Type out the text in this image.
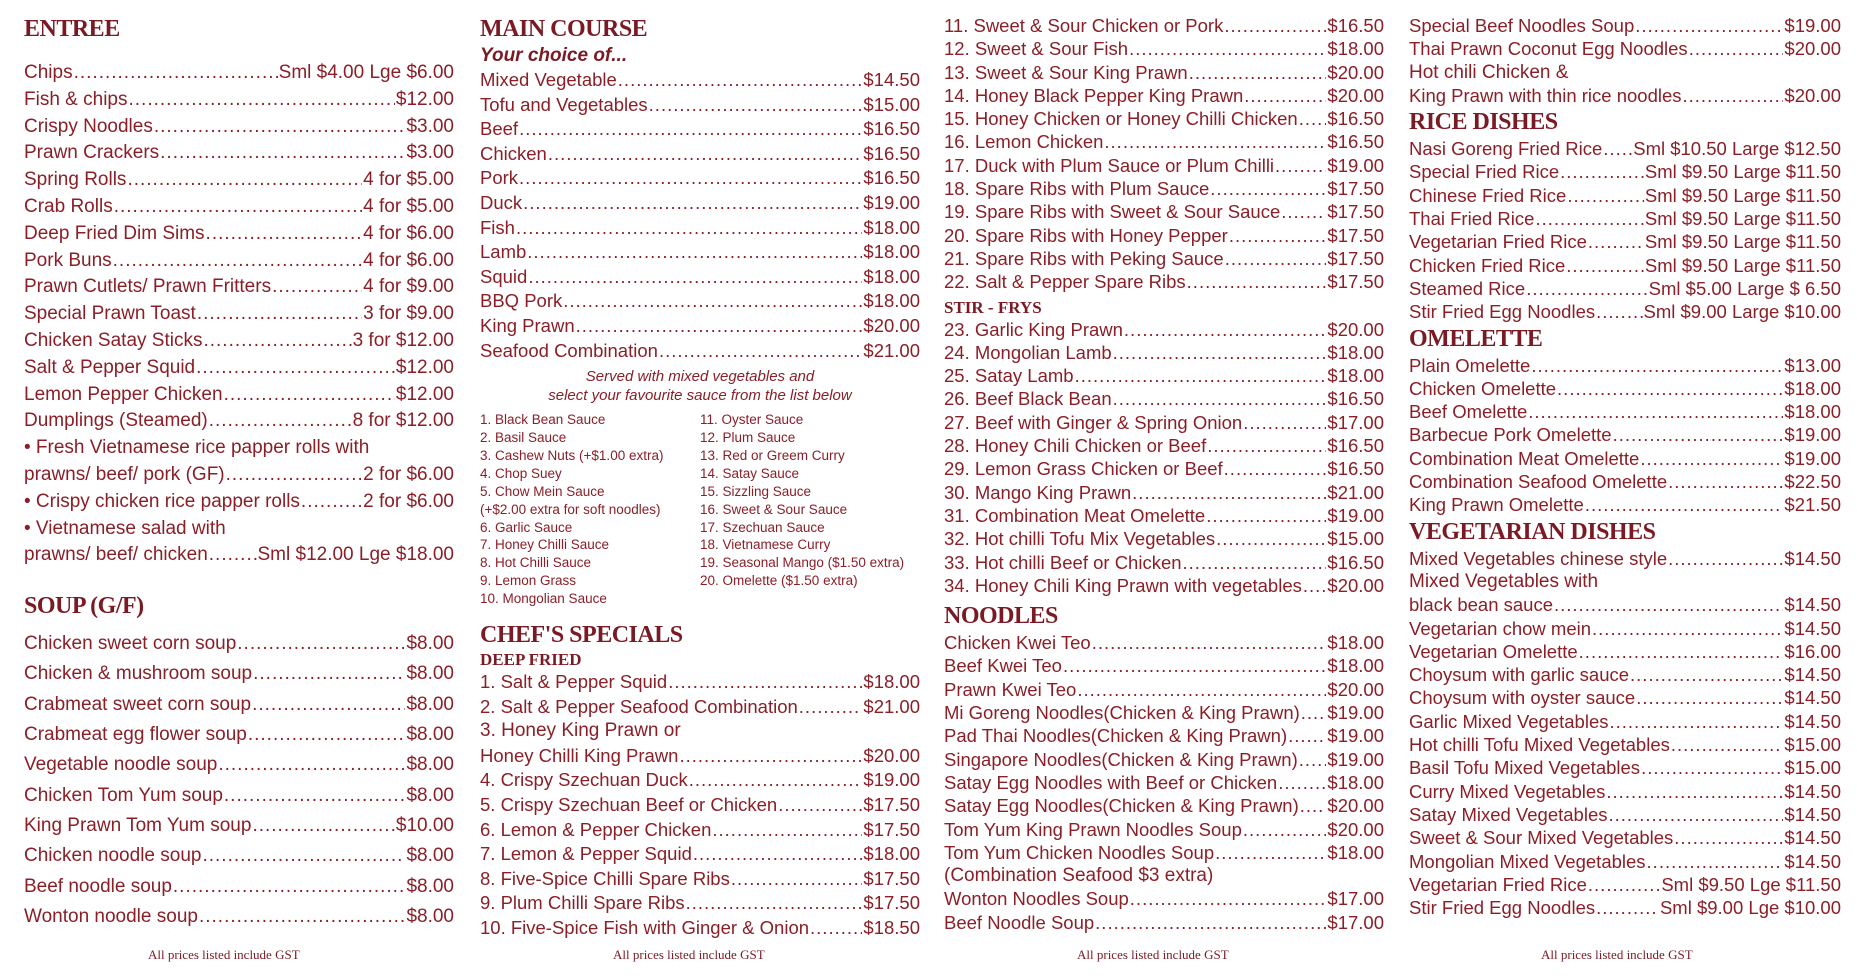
ENTREE
Chips .....	Sml $4.00 Lge $6.00
Fish & chips .....	$12.00
Crispy Noodles .....	$3.00
Prawn Crackers .....	$3.00
Spring Rolls .....	4 for $5.00
Crab Rolls .....	4 for $5.00
Deep Fried Dim Sims .....	4 for $6.00
Pork Buns .....	4 for $6.00
Prawn Cutlets/ Prawn Fritters .....	4 for $9.00
Special Prawn Toast .....	3 for $9.00
Chicken Satay Sticks .....	3 for $12.00
Salt & Pepper Squid .....	$12.00
Lemon Pepper Chicken .....	$12.00
Dumplings (Steamed) .....	8 for $12.00
• Fresh Vietnamese rice papper rolls with
prawns/ beef/ pork (GF) .....	2 for $6.00
• Crispy chicken rice papper rolls .....	2 for $6.00
• Vietnamese salad with
prawns/ beef/ chicken .....	Sml $12.00 Lge $18.00
SOUP (G/F)
Chicken sweet corn soup .....	$8.00
Chicken & mushroom soup .....	$8.00
Crabmeat sweet corn soup .....	$8.00
Crabmeat egg flower soup .....	$8.00
Vegetable noodle soup .....	$8.00
Chicken Tom Yum soup .....	$8.00
King Prawn Tom Yum soup .....	$10.00
Chicken noodle soup .....	$8.00
Beef noodle soup .....	$8.00
Wonton noodle soup .....	$8.00
All prices listed include GST
MAIN COURSE
Your choice of...
Mixed Vegetable .....	$14.50
Tofu and Vegetables .....	$15.00
Beef .....	$16.50
Chicken .....	$16.50
Pork .....	$16.50
Duck .....	$19.00
Fish .....	$18.00
Lamb .....	$18.00
Squid .....	$18.00
BBQ Pork .....	$18.00
King Prawn .....	$20.00
Seafood Combination .....	$21.00
Served with mixed vegetables and
select your favourite sauce from the list below
1. Black Bean Sauce
2. Basil Sauce
3. Cashew Nuts (+$1.00 extra)
4. Chop Suey
5. Chow Mein Sauce
(+$2.00 extra for soft noodles)
6. Garlic Sauce
7. Honey Chilli Sauce
8. Hot Chilli Sauce
9. Lemon Grass
10. Mongolian Sauce
11. Oyster Sauce
12. Plum Sauce
13. Red or Greem Curry
14. Satay Sauce
15. Sizzling Sauce
16. Sweet & Sour Sauce
17. Szechuan Sauce
18. Vietnamese Curry
19. Seasonal Mango ($1.50 extra)
20. Omelette ($1.50 extra)
CHEF'S SPECIALS
DEEP FRIED
1. Salt & Pepper Squid .....	$18.00
2. Salt & Pepper Seafood Combination .....	$21.00
3. Honey King Prawn or
Honey Chilli King Prawn .....	$20.00
4. Crispy Szechuan Duck .....	$19.00
5. Crispy Szechuan Beef or Chicken .....	$17.50
6. Lemon & Pepper Chicken .....	$17.50
7. Lemon & Pepper Squid .....	$18.00
8. Five-Spice Chilli Spare Ribs .....	$17.50
9. Plum Chilli Spare Ribs .....	$17.50
10. Five-Spice Fish with Ginger & Onion .....	$18.50
All prices listed include GST
11. Sweet & Sour Chicken or Pork .....	$16.50
12. Sweet & Sour Fish .....	$18.00
13. Sweet & Sour King Prawn .....	$20.00
14. Honey Black Pepper King Prawn .....	$20.00
15. Honey Chicken or Honey Chilli Chicken ..... $16.50
16. Lemon Chicken .....	$16.50
17. Duck with Plum Sauce or Plum Chilli .....	$19.00
18. Spare Ribs with Plum Sauce .....	$17.50
19. Spare Ribs with Sweet & Sour Sauce .....	$17.50
20. Spare Ribs with Honey Pepper .....	$17.50
21. Spare Ribs with Peking Sauce .....	$17.50
22. Salt & Pepper Spare Ribs .....	$17.50
STIR - FRYS
23. Garlic King Prawn .....	$20.00
24. Mongolian Lamb .....	$18.00
25. Satay Lamb .....	$18.00
26. Beef Black Bean .....	$16.50
27. Beef with Ginger & Spring Onion .....	$17.00
28. Honey Chili Chicken or Beef .....	$16.50
29. Lemon Grass Chicken or Beef .....	$16.50
30. Mango King Prawn .....	$21.00
31. Combination Meat Omelette .....	$19.00
32. Hot chilli Tofu Mix Vegetables .....	$15.00
33. Hot chilli Beef or Chicken .....	$16.50
34. Honey Chili King Prawn with vegetables ..... $20.00
NOODLES
Chicken Kwei Teo .....	$18.00
Beef Kwei Teo .....	$18.00
Prawn Kwei Teo .....	$20.00
Mi Goreng Noodles(Chicken & King Prawn) ..... $19.00
Pad Thai Noodles(Chicken & King Prawn) ..... $19.00
Singapore Noodles(Chicken & King Prawn) ..... $19.00
Satay Egg Noodles with Beef or Chicken .....	$18.00
Satay Egg Noodles(Chicken & King Prawn) ..... $20.00
Tom Yum King Prawn Noodles Soup .....	$20.00
Tom Yum Chicken Noodles Soup .....	$18.00
(Combination Seafood $3 extra)
Wonton Noodles Soup .....	$17.00
Beef Noodle Soup .....	$17.00
All prices listed include GST
Special Beef Noodles Soup .....	$19.00
Thai Prawn Coconut Egg Noodles .....	$20.00
Hot chili Chicken &
King Prawn with thin rice noodles .....	$20.00
RICE DISHES
Nasi Goreng Fried Rice ..... Sml $10.50 Large $12.50
Special Fried Rice .....	Sml $9.50 Large $11.50
Chinese Fried Rice .....	Sml $9.50 Large $11.50
Thai Fried Rice .....	Sml $9.50 Large $11.50
Vegetarian Fried Rice .....	Sml $9.50 Large $11.50
Chicken Fried Rice .....	Sml $9.50 Large $11.50
Steamed Rice .....	Sml $5.00 Large $ 6.50
Stir Fried Egg Noodles .....	Sml $9.00 Large $10.00
OMELETTE
Plain Omelette .....	$13.00
Chicken Omelette .....	$18.00
Beef Omelette .....	$18.00
Barbecue Pork Omelette .....	$19.00
Combination Meat Omelette .....	$19.00
Combination Seafood Omelette .....	$22.50
King Prawn Omelette .....	$21.50
VEGETARIAN DISHES
Mixed Vegetables chinese style .....	$14.50
Mixed Vegetables with
black bean sauce .....	$14.50
Vegetarian chow mein .....	$14.50
Vegetarian Omelette .....	$16.00
Choysum with garlic sauce .....	$14.50
Choysum with oyster sauce .....	$14.50
Garlic Mixed Vegetables .....	$14.50
Hot chilli Tofu Mixed Vegetables .....	$15.00
Basil Tofu Mixed Vegetables .....	$15.00
Curry Mixed Vegetables .....	$14.50
Satay Mixed Vegetables .....	$14.50
Sweet & Sour Mixed Vegetables .....	$14.50
Mongolian Mixed Vegetables .....	$14.50
Vegetarian Fried Rice .....	Sml $9.50 Lge $11.50
Stir Fried Egg Noodles .....	Sml $9.00 Lge $10.00
All prices listed include GST
